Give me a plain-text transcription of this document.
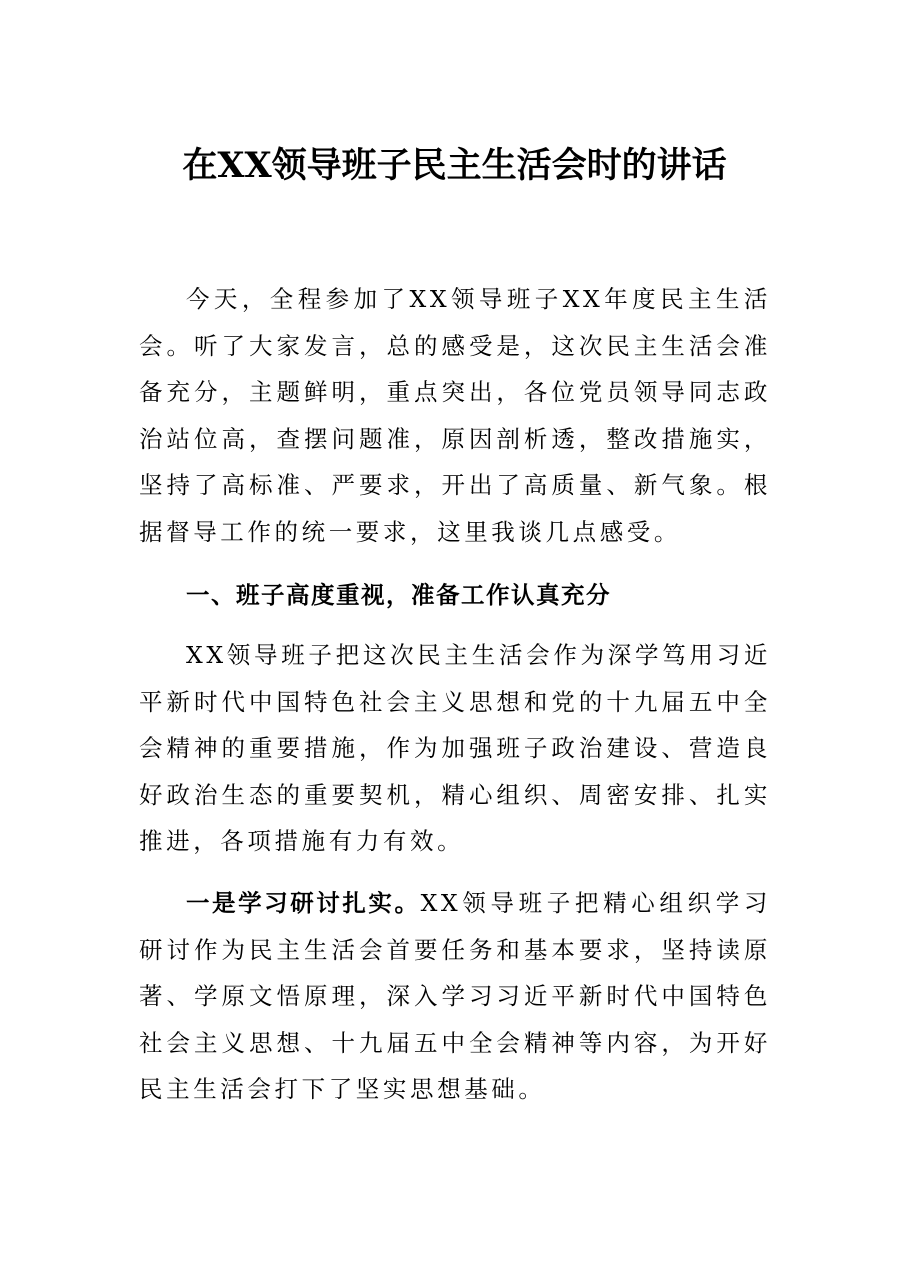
在XX领导班子民主生活会时的讲话

今天，全程参加了XX领导班子XX年度民主生活会。听了大家发言，总的感受是，这次民主生活会准备充分，主题鲜明，重点突出，各位党员领导同志政治站位高，查摆问题准，原因剖析透，整改措施实，坚持了高标准、严要求，开出了高质量、新气象。根据督导工作的统一要求，这里我谈几点感受。

一、班子高度重视，准备工作认真充分

XX领导班子把这次民主生活会作为深学笃用习近平新时代中国特色社会主义思想和党的十九届五中全会精神的重要措施，作为加强班子政治建设、营造良好政治生态的重要契机，精心组织、周密安排、扎实推进，各项措施有力有效。

一是学习研讨扎实。XX领导班子把精心组织学习研讨作为民主生活会首要任务和基本要求，坚持读原著、学原文悟原理，深入学习习近平新时代中国特色社会主义思想、十九届五中全会精神等内容，为开好民主生活会打下了坚实思想基础。
